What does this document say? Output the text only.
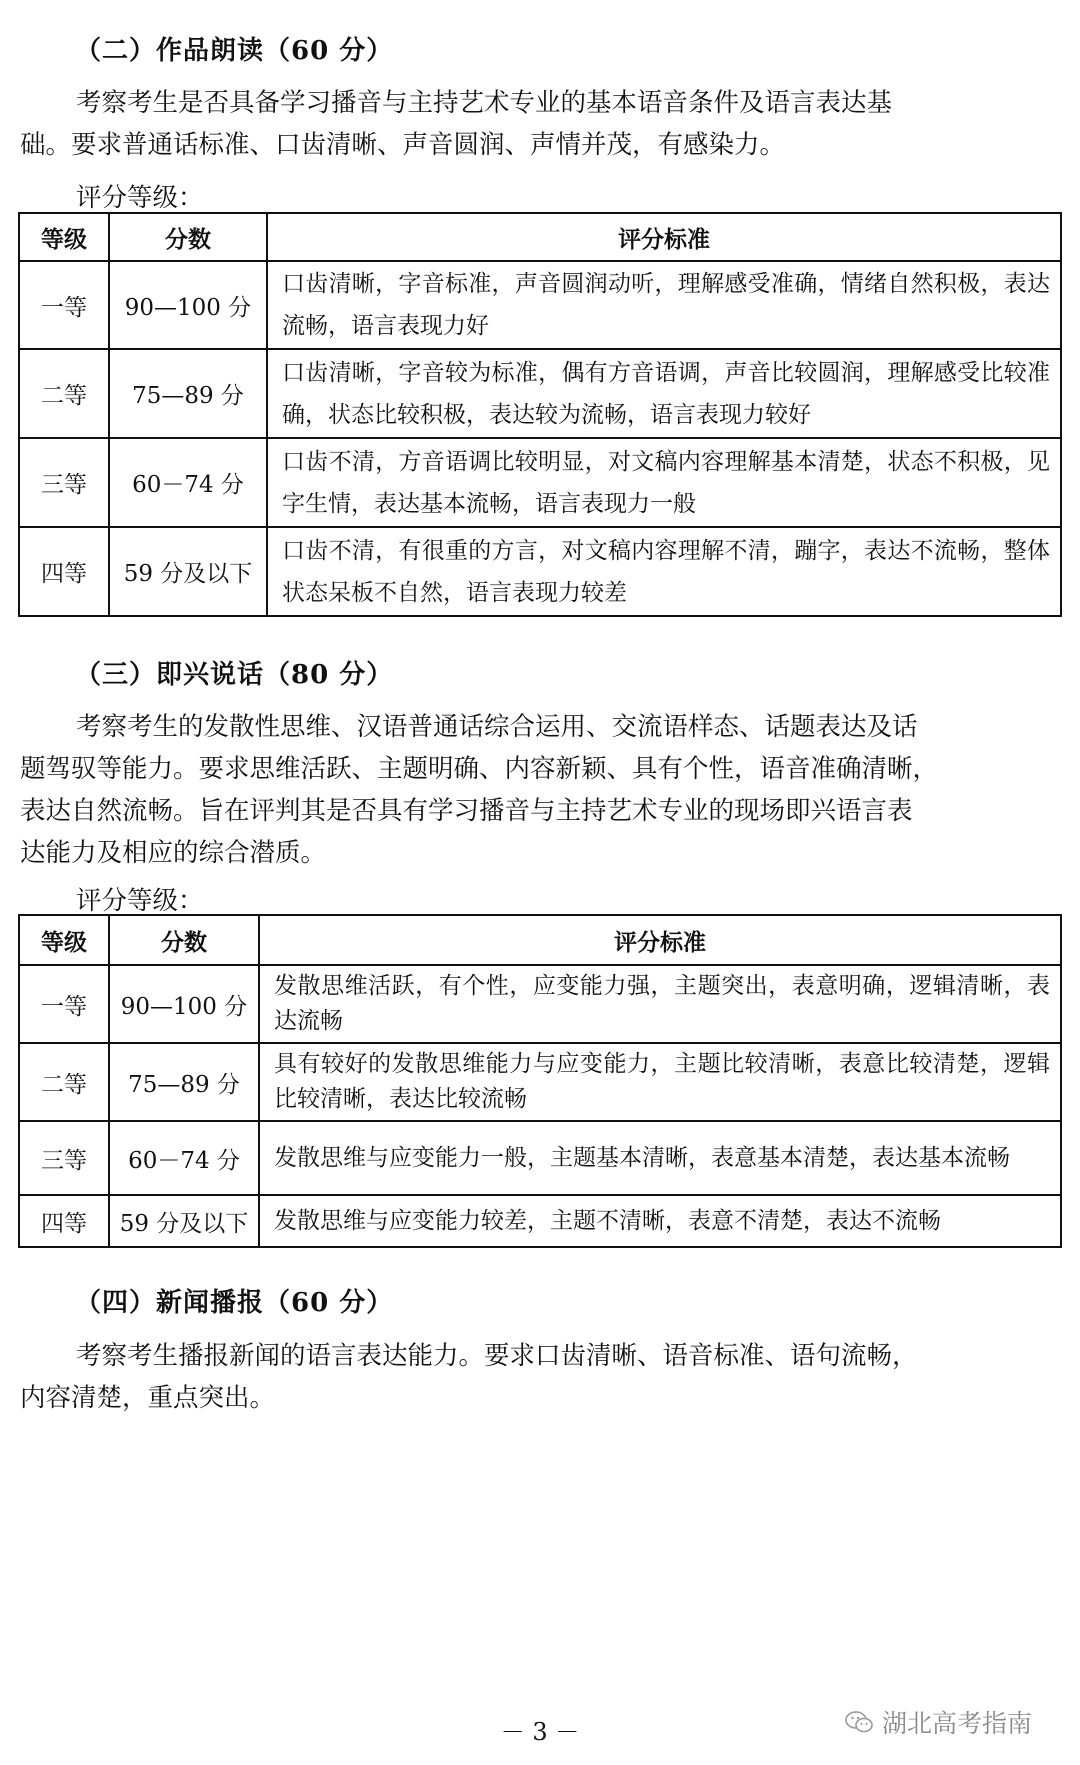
（二）作品朗读（60 分）
考察考生是否具备学习播音与主持艺术专业的基本语音条件及语言表达基
础。要求普通话标准、口齿清晰、声音圆润、声情并茂，有感染力。
评分等级：
等级	分数	评分标准
一等	90—100 分	口齿清晰，字音标准，声音圆润动听，理解感受准确，情绪自然积极，表达流畅，语言表现力好
二等	75—89 分	口齿清晰，字音较为标准，偶有方音语调，声音比较圆润，理解感受比较准确，状态比较积极，表达较为流畅，语言表现力较好
三等	60－74 分	口齿不清，方音语调比较明显，对文稿内容理解基本清楚，状态不积极，见字生情，表达基本流畅，语言表现力一般
四等	59 分及以下	口齿不清，有很重的方言，对文稿内容理解不清，蹦字，表达不流畅，整体状态呆板不自然，语言表现力较差
（三）即兴说话（80 分）
考察考生的发散性思维、汉语普通话综合运用、交流语样态、话题表达及话
题驾驭等能力。要求思维活跃、主题明确、内容新颖、具有个性，语音准确清晰，
表达自然流畅。旨在评判其是否具有学习播音与主持艺术专业的现场即兴语言表
达能力及相应的综合潜质。
评分等级：
等级	分数	评分标准
一等	90—100 分	发散思维活跃，有个性，应变能力强，主题突出，表意明确，逻辑清晰，表达流畅
二等	75—89 分	具有较好的发散思维能力与应变能力，主题比较清晰，表意比较清楚，逻辑比较清晰，表达比较流畅
三等	60－74 分	发散思维与应变能力一般，主题基本清晰，表意基本清楚，表达基本流畅
四等	59 分及以下	发散思维与应变能力较差，主题不清晰，表意不清楚，表达不流畅
（四）新闻播报（60 分）
考察考生播报新闻的语言表达能力。要求口齿清晰、语音标准、语句流畅，
内容清楚，重点突出。
－ 3 －	湖北高考指南
